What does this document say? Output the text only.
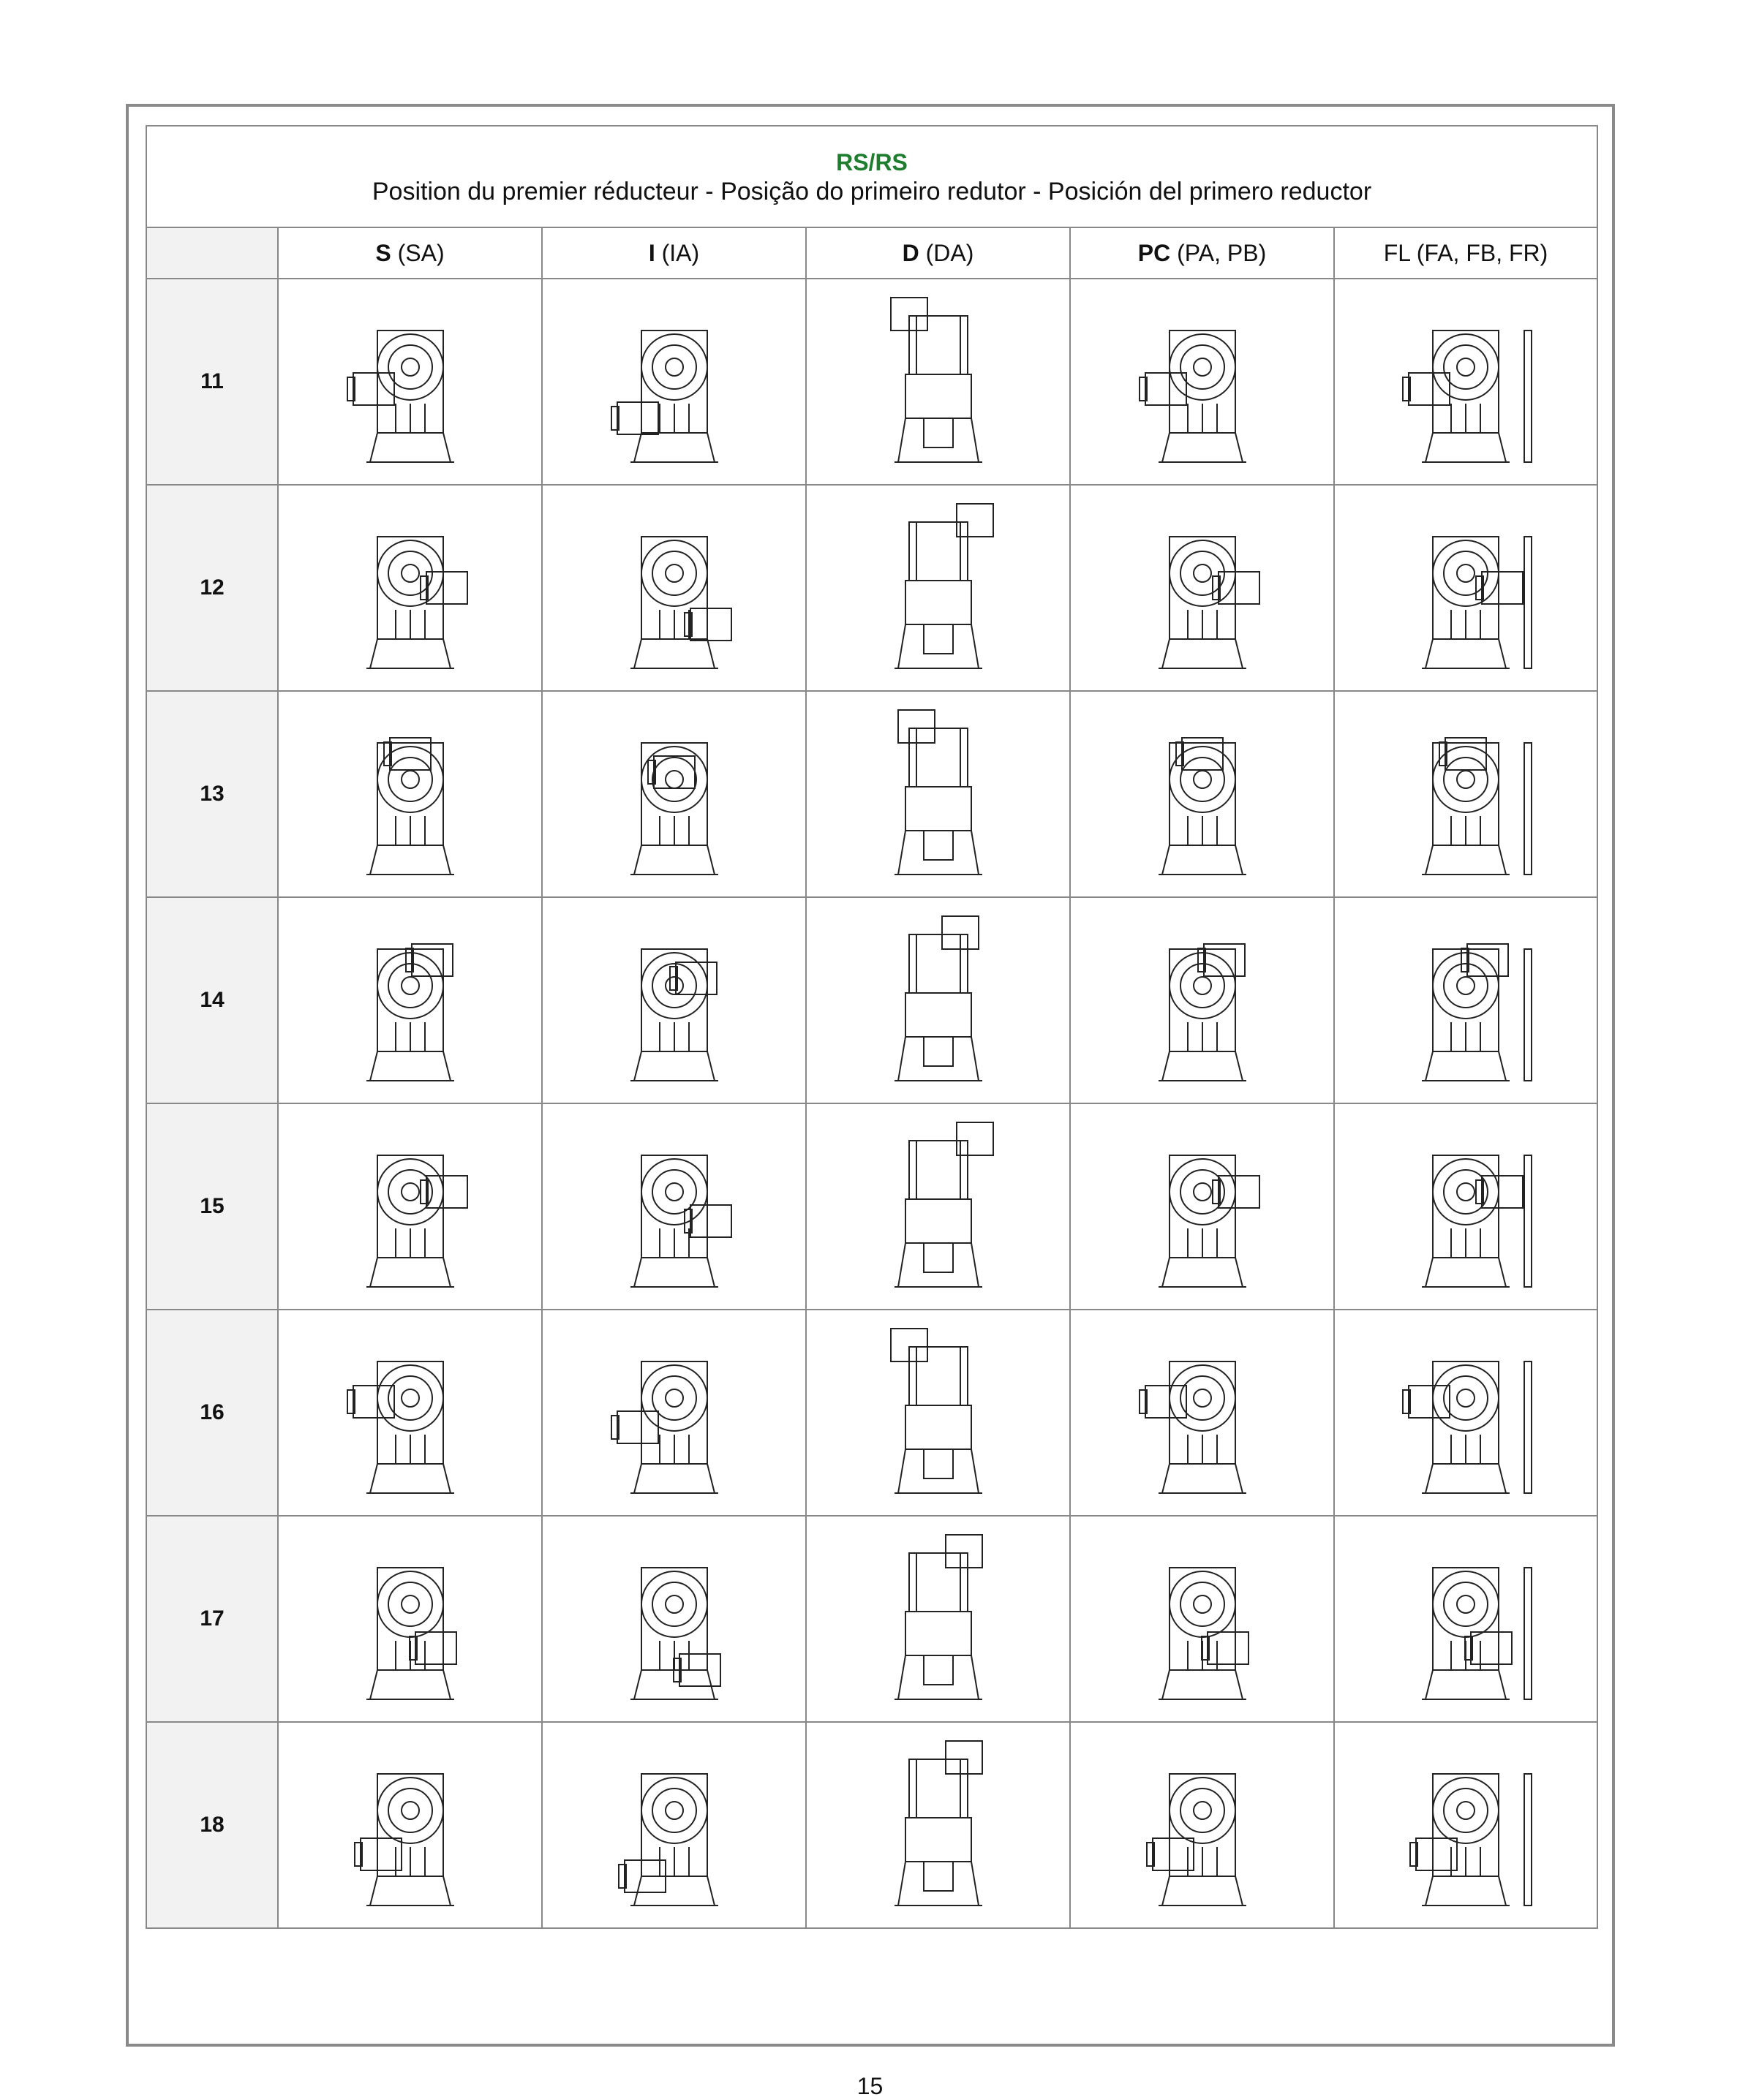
RS/RS
Position du premier réducteur - Posição do primeiro redutor - Posición del primero reductor					

	S (SA)	I (IA)	D (DA)	PC (PA, PB)	FL (FA, FB, FR)
11	

12	

13	

14	

15	

16	

17	

18	

15
